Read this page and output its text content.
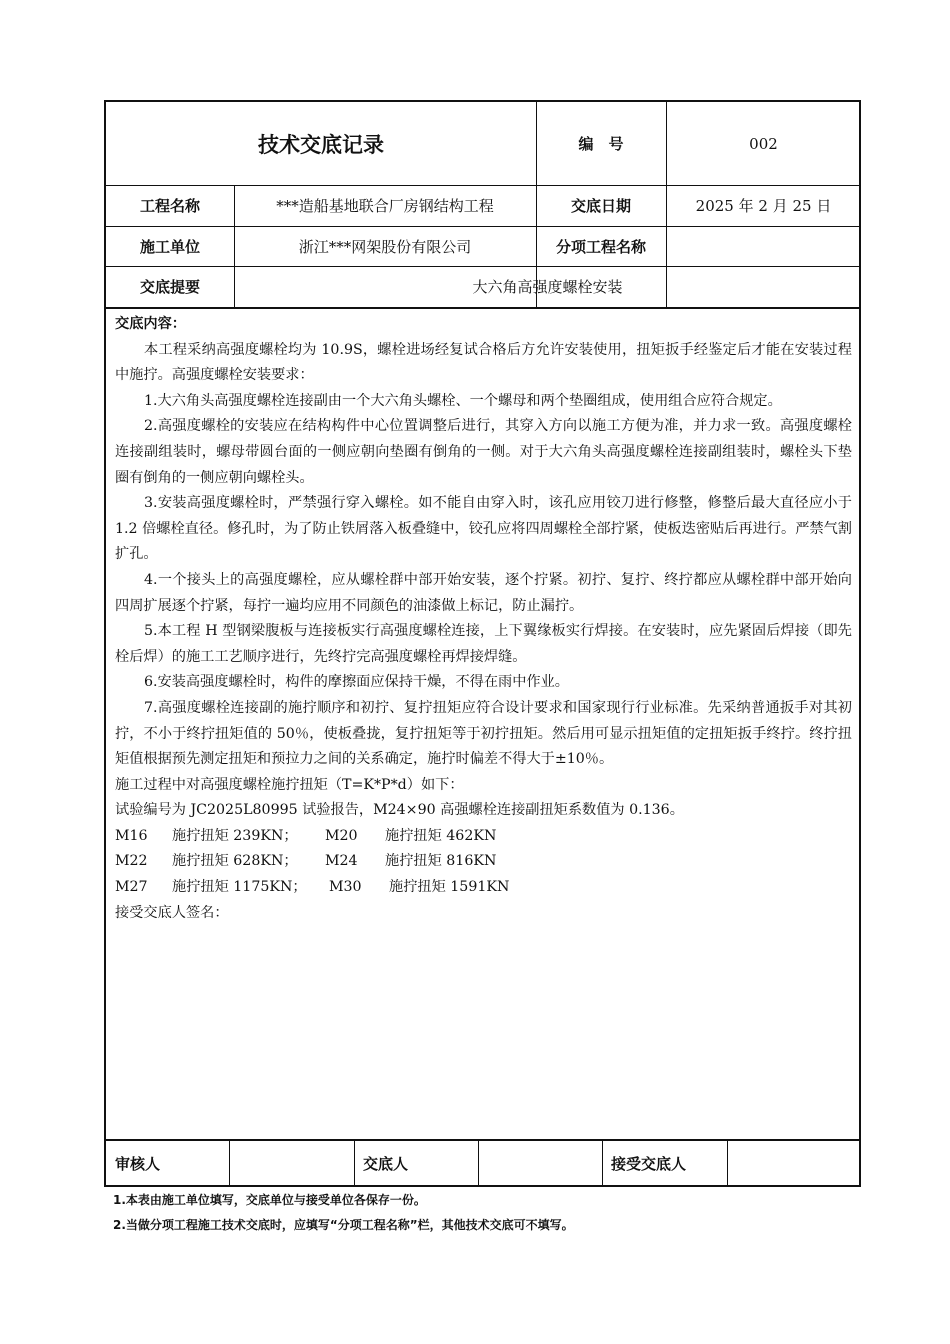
技术交底记录	编　号	002
工程名称	***造船基地联合厂房钢结构工程	交底日期	2025 年 2 月 25 日
施工单位	浙江***网架股份有限公司	分项工程名称
交底提要	大六角高强度螺栓安装

交底内容：

本工程采纳高强度螺栓均为 10.9S，螺栓进场经复试合格后方允许安装使用，扭矩扳手经鉴定后才能在安装过程中施拧。高强度螺栓安装要求：

1.大六角头高强度螺栓连接副由一个大六角头螺栓、一个螺母和两个垫圈组成，使用组合应符合规定。

2.高强度螺栓的安装应在结构构件中心位置调整后进行，其穿入方向以施工方便为准，并力求一致。高强度螺栓连接副组装时，螺母带圆台面的一侧应朝向垫圈有倒角的一侧。对于大六角头高强度螺栓连接副组装时，螺栓头下垫圈有倒角的一侧应朝向螺栓头。

3.安装高强度螺栓时，严禁强行穿入螺栓。如不能自由穿入时，该孔应用铰刀进行修整，修整后最大直径应小于 1.2 倍螺栓直径。修孔时，为了防止铁屑落入板叠缝中，铰孔应将四周螺栓全部拧紧，使板迭密贴后再进行。严禁气割扩孔。

4.一个接头上的高强度螺栓，应从螺栓群中部开始安装，逐个拧紧。初拧、复拧、终拧都应从螺栓群中部开始向四周扩展逐个拧紧，每拧一遍均应用不同颜色的油漆做上标记，防止漏拧。

5.本工程 H 型钢梁腹板与连接板实行高强度螺栓连接，上下翼缘板实行焊接。在安装时，应先紧固后焊接（即先栓后焊）的施工工艺顺序进行，先终拧完高强度螺栓再焊接焊缝。

6.安装高强度螺栓时，构件的摩擦面应保持干燥，不得在雨中作业。

7.高强度螺栓连接副的施拧顺序和初拧、复拧扭矩应符合设计要求和国家现行行业标准。先采纳普通扳手对其初拧，不小于终拧扭矩值的 50％，使板叠拢，复拧扭矩等于初拧扭矩。然后用可显示扭矩值的定扭矩扳手终拧。终拧扭矩值根据预先测定扭矩和预拉力之间的关系确定，施拧时偏差不得大于±10％。

施工过程中对高强度螺栓施拧扭矩（T=K*P*d）如下：

试验编号为 JC2025L80995 试验报告，M24×90 高强螺栓连接副扭矩系数值为 0.136。

M16	施拧扭矩 239KN；	M20	施拧扭矩 462KN

M22	施拧扭矩 628KN；	M24	施拧扭矩 816KN

M27	施拧扭矩 1175KN；	M30	施拧扭矩 1591KN

接受交底人签名：

审核人	交底人	接受交底人
1.本表由施工单位填写，交底单位与接受单位各保存一份。
2.当做分项工程施工技术交底时，应填写“分项工程名称”栏，其他技术交底可不填写。
